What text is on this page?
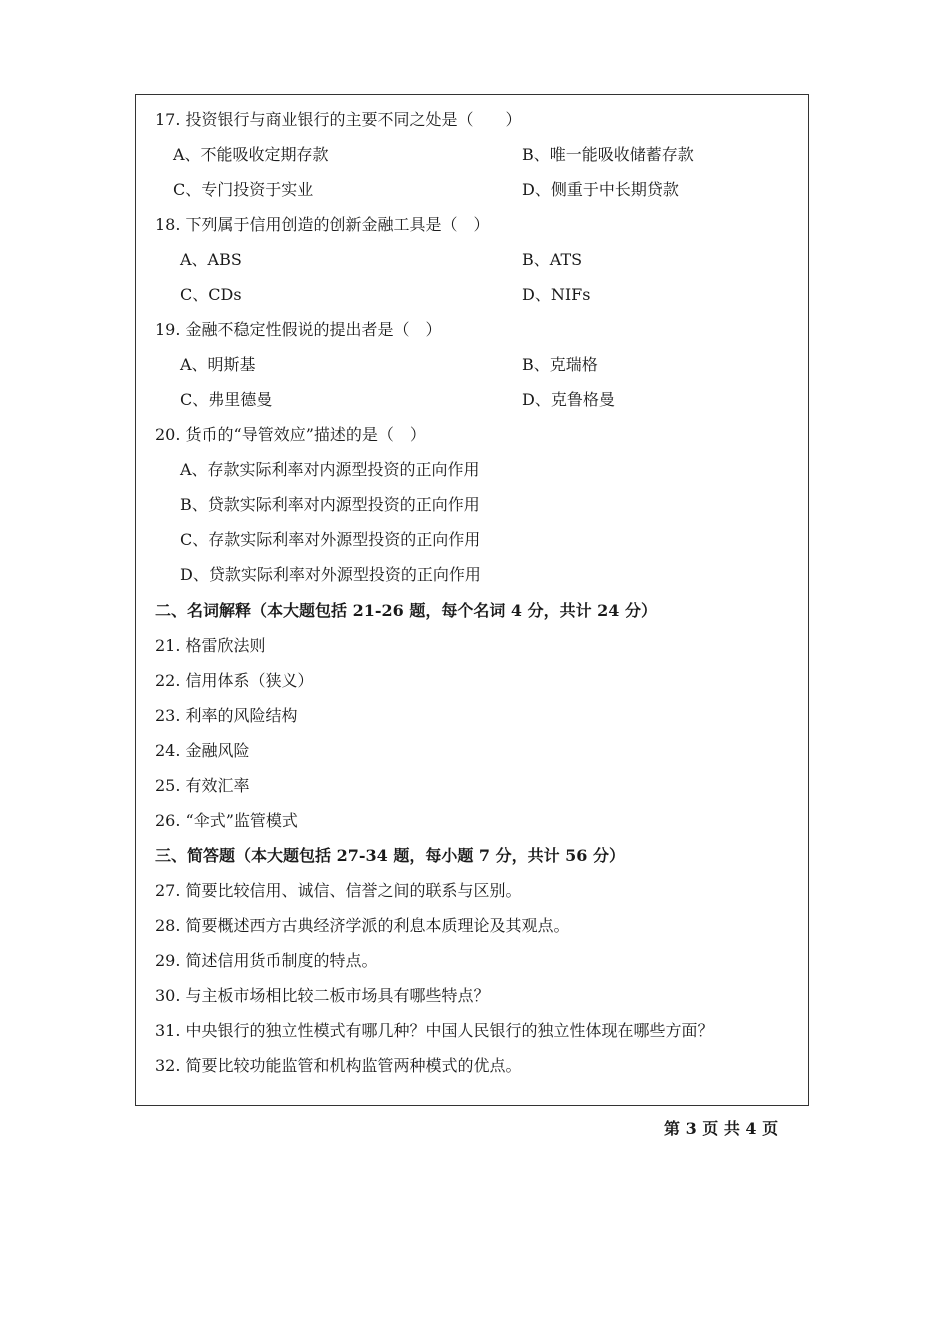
17. 投资银行与商业银行的主要不同之处是（　　）
A、不能吸收定期存款	B、唯一能吸收储蓄存款
C、专门投资于实业	D、侧重于中长期贷款
18. 下列属于信用创造的创新金融工具是（　）
A、ABS	B、ATS
C、CDs	D、NIFs
19. 金融不稳定性假说的提出者是（　）
A、明斯基	B、克瑞格
C、弗里德曼	D、克鲁格曼
20. 货币的“导管效应”描述的是（　）
A、存款实际利率对内源型投资的正向作用
B、贷款实际利率对内源型投资的正向作用
C、存款实际利率对外源型投资的正向作用
D、贷款实际利率对外源型投资的正向作用
二、名词解释（本大题包括 21-26 题，每个名词 4 分，共计 24 分）
21. 格雷欣法则
22. 信用体系（狭义）
23. 利率的风险结构
24. 金融风险
25. 有效汇率
26. “伞式”监管模式
三、简答题（本大题包括 27-34 题，每小题 7 分，共计 56 分）
27. 简要比较信用、诚信、信誉之间的联系与区别。
28. 简要概述西方古典经济学派的利息本质理论及其观点。
29. 简述信用货币制度的特点。
30. 与主板市场相比较二板市场具有哪些特点？
31. 中央银行的独立性模式有哪几种？中国人民银行的独立性体现在哪些方面？
32. 简要比较功能监管和机构监管两种模式的优点。
第 3 页 共 4 页
